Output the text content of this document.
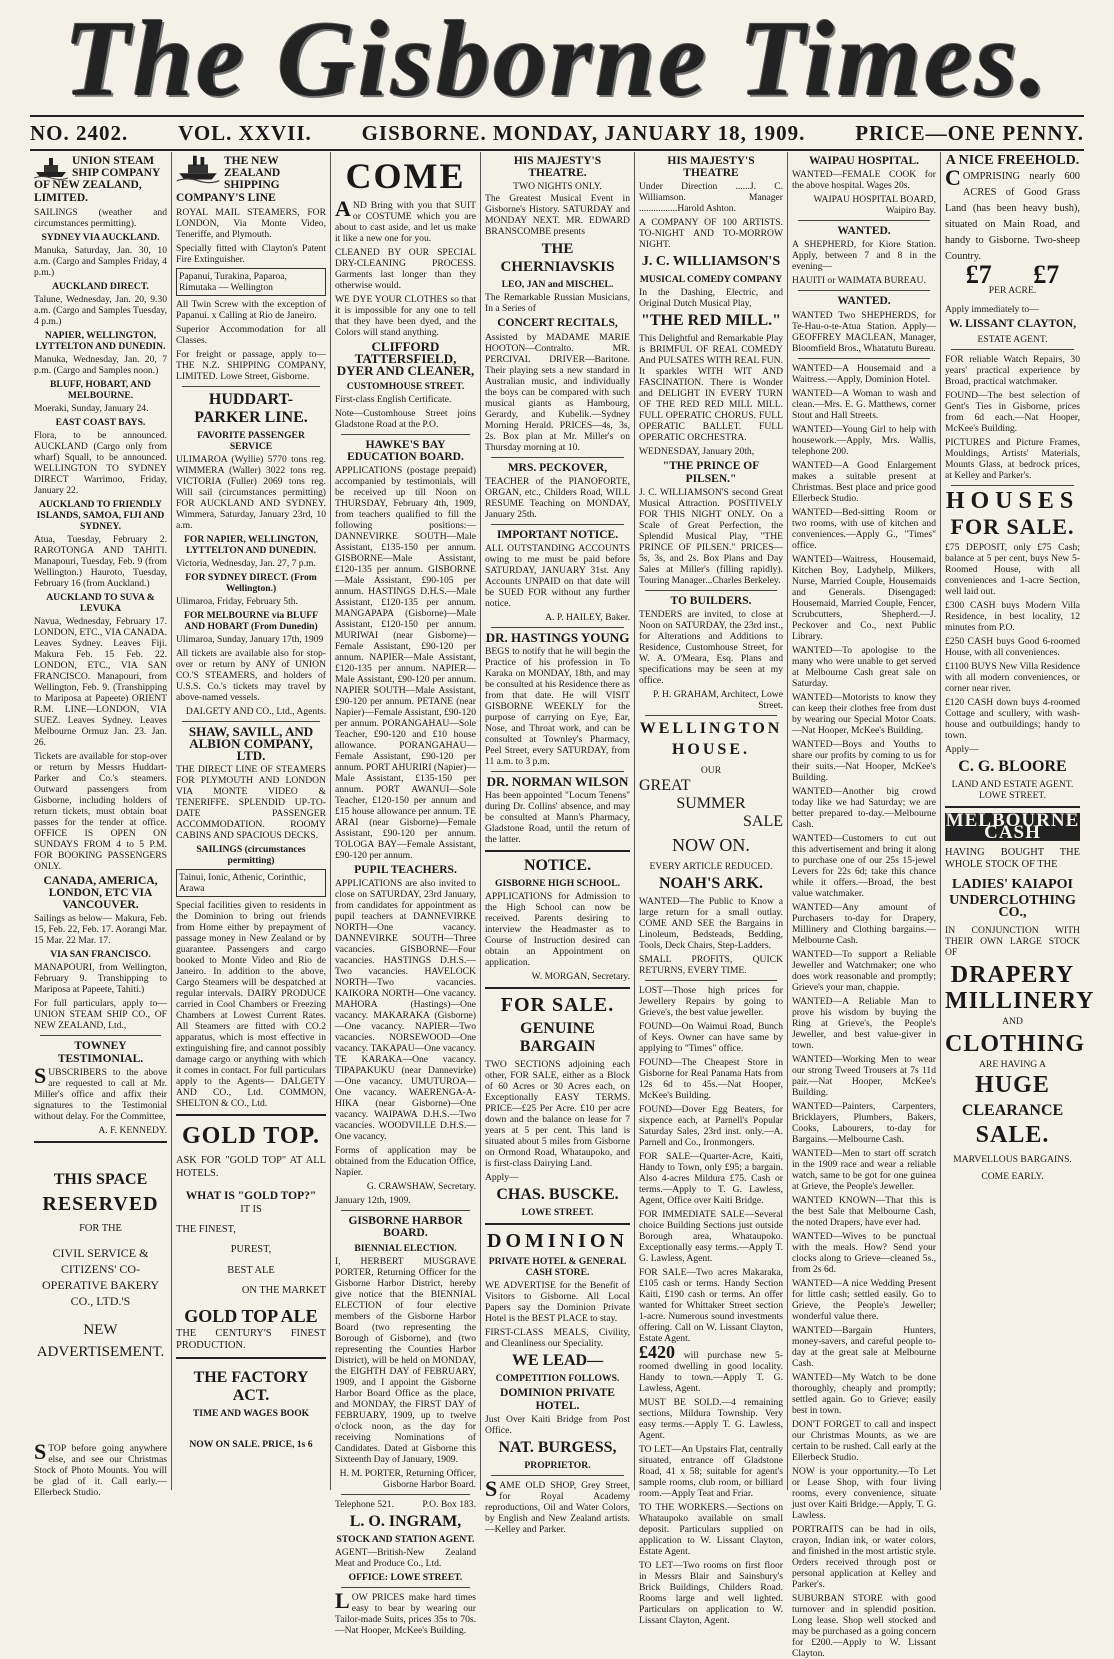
The Gisborne Times.
NO. 2402. VOL. XXVII. GISBORNE. MONDAY, JANUARY 18, 1909. PRICE—ONE PENNY.
UNION STEAM SHIP COMPANY OF NEW ZEALAND, LIMITED.
SAILINGS (weather and circumstances permitting).
SYDNEY VIA AUCKLAND.
Manuka, Saturday, Jan. 30, 10 a.m. (Cargo and Samples Friday, 4 p.m.)
AUCKLAND DIRECT.
Talune, Wednesday, Jan. 20, 9.30 a.m. (Cargo and Samples Tuesday, 4 p.m.)
NAPIER, WELLINGTON, LYTTELTON AND DUNEDIN.
Manuka, Wednesday, Jan. 20, 7 p.m. (Cargo and Samples noon.)
BLUFF, HOBART, AND MELBOURNE.
Moeraki, Sunday, January 24.
EAST COAST BAYS.
Flora, to be announced. AUCKLAND (Cargo only from wharf) Squall, to be announced. WELLINGTON TO SYDNEY DIRECT Warrimoo, Friday, January 22.
AUCKLAND TO FRIENDLY ISLANDS, SAMOA, FIJI AND SYDNEY.
Atua, Tuesday, February 2. RAROTONGA AND TAHITI. Manapouri, Tuesday, Feb. 9 (from Wellington.) Hauroto, Tuesday, February 16 (from Auckland.)
AUCKLAND TO SUVA & LEVUKA
Navua, Wednesday, February 17. LONDON, ETC., VIA CANADA. Leaves Sydney. Leaves Fiji. Makura Feb. 15 Feb. 22. LONDON, ETC., VIA SAN FRANCISCO. Manapouri, from Wellington, Feb. 9. (Transhipping to Mariposa at Papeete) ORIENT R.M. LINE—LONDON, VIA SUEZ. Leaves Sydney. Leaves Melbourne Ormuz Jan. 23. Jan. 26.
Tickets are available for stop-over or return by Messrs Huddart-Parker and Co.'s steamers. Outward passengers from Gisborne, including holders of return tickets, must obtain boat passes for the tender at office. OFFICE IS OPEN ON SUNDAYS FROM 4 to 5 P.M. FOR BOOKING PASSENGERS ONLY.
CANADA, AMERICA, LONDON, ETC VIA VANCOUVER.
Sailings as below— Makura, Feb. 15, Feb. 22, Feb. 17. Aorangi Mar. 15 Mar. 22 Mar. 17.
VIA SAN FRANCISCO.
MANAPOURI, from Wellington, February 9. Transhipping to Mariposa at Papeete, Tahiti.)
For full particulars, apply to— UNION STEAM SHIP CO., OF NEW ZEALAND, Ltd.,
TOWNEY TESTIMONIAL.
SUBSCRIBERS to the above are requested to call at Mr. Miller's office and affix their signatures to the Testimonial without delay. For the Committee,
A. F. KENNEDY.
THIS SPACE
RESERVED
FOR THE
CIVIL SERVICE & CITIZENS' CO-OPERATIVE BAKERY CO., LTD.'S
NEW ADVERTISEMENT.
STOP before going anywhere else, and see our Christmas Stock of Photo Mounts. You will be glad of it. Call early.—Ellerbeck Studio.
THE NEW ZEALAND SHIPPING COMPANY'S LINE
ROYAL MAIL STEAMERS, FOR LONDON, Via Monte Video, Teneriffe, and Plymouth.
Specially fitted with Clayton's Patent Fire Extinguisher.
Papanui, Turakina, Paparoa, Rimutaka — Wellington
All Twin Screw with the exception of Papanui. x Calling at Rio de Janeiro.
Superior Accommodation for all Classes.
For freight or passage, apply to— THE N.Z. SHIPPING COMPANY, LIMITED. Lowe Street, Gisborne.
HUDDART-PARKER LINE.
FAVORITE PASSENGER SERVICE
ULIMAROA (Wyllie) 5770 tons reg. WIMMERA (Waller) 3022 tons reg. VICTORIA (Fuller) 2069 tons reg. Will sail (circumstances permitting) FOR AUCKLAND AND SYDNEY. Wimmera, Saturday, January 23rd, 10 a.m.
FOR NAPIER, WELLINGTON, LYTTELTON AND DUNEDIN.
Victoria, Wednesday, Jan. 27, 7 p.m.
FOR SYDNEY DIRECT. (From Wellington.)
Ulimaroa, Friday, February 5th.
FOR MELBOURNE via BLUFF AND HOBART (From Dunedin)
Ulimaroa, Sunday, January 17th, 1909
All tickets are available also for stop-over or return by ANY of UNION CO.'S STEAMERS, and holders of U.S.S. Co.'s tickets may travel by above-named vessels.
DALGETY AND CO., Ltd., Agents.
SHAW, SAVILL, AND ALBION COMPANY, LTD.
THE DIRECT LINE OF STEAMERS FOR PLYMOUTH AND LONDON VIA MONTE VIDEO & TENERIFFE. SPLENDID UP-TO-DATE PASSENGER ACCOMMODATION. ROOMY CABINS AND SPACIOUS DECKS.
SAILINGS (circumstances permitting)
Tainui, Ionic, Athenic, Corinthic, Arawa
Special facilities given to residents in the Dominion to bring out friends from Home either by prepayment of passage money in New Zealand or by guarantee. Passengers and cargo booked to Monte Video and Rio de Janeiro. In addition to the above, Cargo Steamers will be despatched at regular intervals. DAIRY PRODUCE carried in Cool Chambers or Freezing Chambers at Lowest Current Rates. All Steamers are fitted with CO.2 apparatus, which is most effective in extinguishing fire, and cannot possibly damage cargo or anything with which it comes in contact. For full particulars apply to the Agents— DALGETY AND CO., Ltd. COMMON, SHELTON & CO., Ltd.
GOLD TOP.
ASK FOR "GOLD TOP" AT ALL HOTELS.
WHAT IS "GOLD TOP?"
IT IS
THE FINEST,
PUREST,
BEST ALE
ON THE MARKET
GOLD TOP ALE
THE CENTURY'S FINEST PRODUCTION.
THE FACTORY ACT.
TIME AND WAGES BOOK
NOW ON SALE. PRICE, 1s 6
COME
AND Bring with you that SUIT or COSTUME which you are about to cast aside, and let us make it like a new one for you.
CLEANED BY OUR SPECIAL DRY-CLEANING PROCESS. Garments last longer than they otherwise would.
WE DYE YOUR CLOTHES so that it is impossible for any one to tell that they have been dyed, and the Colors will stand anything.
CLIFFORD TATTERSFIELD, DYER AND CLEANER,
CUSTOMHOUSE STREET.
First-class English Certificate.
Note—Customhouse Street joins Gladstone Road at the P.O.
HAWKE'S BAY EDUCATION BOARD.
APPLICATIONS (postage prepaid) accompanied by testimonials, will be received up till Noon on THURSDAY, February 4th, 1909, from teachers qualified to fill the following positions:— DANNEVIRKE SOUTH—Male Assistant, £135-150 per annum. GISBORNE—Male Assistant, £120-135 per annum. GISBORNE—Male Assistant, £90-105 per annum. HASTINGS D.H.S.—Male Assistant, £120-135 per annum. MANGAPAPA (Gisborne)—Male Assistant, £120-150 per annum. MURIWAI (near Gisborne)—Female Assistant, £90-120 per annum. NAPIER—Male Assistant, £120-135 per annum. NAPIER—Male Assistant, £90-120 per annum. NAPIER SOUTH—Male Assistant, £90-120 per annum. PETANE (near Napier)—Female Assistant, £90-120 per annum. PORANGAHAU—Sole Teacher, £90-120 and £10 house allowance. PORANGAHAU—Female Assistant, £90-120 per annum. PORT AHURIRI (Napier)—Male Assistant, £135-150 per annum. PORT AWANUI—Sole Teacher, £120-150 per annum and £15 house allowance per annum. TE ARAI (near Gisborne)—Female Assistant, £90-120 per annum. TOLOGA BAY—Female Assistant, £90-120 per annum.
PUPIL TEACHERS.
APPLICATIONS are also invited to close on SATURDAY, 23rd January, from candidates for appointment as pupil teachers at DANNEVIRKE NORTH—One vacancy. DANNEVIRKE SOUTH—Three vacancies. GISBORNE—Four vacancies. HASTINGS D.H.S.—Two vacancies. HAVELOCK NORTH—Two vacancies. KAIKORA NORTH—One vacancy. MAHORA (Hastings)—One vacancy. MAKARAKA (Gisborne)—One vacancy. NAPIER—Two vacancies. NORSEWOOD—One vacancy. TAKAPAU—One vacancy. TE KARAKA—One vacancy. TIPAPAKUKU (near Dannevirke)—One vacancy. UMUTUROA—One vacancy. WAERENGA-A-HIKA (near Gisborne)—One vacancy. WAIPAWA D.H.S.—Two vacancies. WOODVILLE D.H.S.—One vacancy.
Forms of application may be obtained from the Education Office, Napier.
G. CRAWSHAW, Secretary.
January 12th, 1909.
GISBORNE HARBOR BOARD.
BIENNIAL ELECTION.
I, HERBERT MUSGRAVE PORTER, Returning Officer for the Gisborne Harbor District, hereby give notice that the BIENNIAL ELECTION of four elective members of the Gisborne Harbor Board (two representing the Borough of Gisborne), and (two representing the Counties Harbor District), will be held on MONDAY, the EIGHTH DAY of FEBRUARY, 1909, and I appoint the Gisborne Harbor Board Office as the place, and MONDAY, the FIRST DAY of FEBRUARY, 1909, up to twelve o'clock noon, as the day for receiving Nominations of Candidates. Dated at Gisborne this Sixteenth Day of January, 1909.
H. M. PORTER, Returning Officer, Gisborne Harbor Board.
Telephone 521.	P.O. Box 183.
L. O. INGRAM,
STOCK AND STATION AGENT.
AGENT—British-New Zealand Meat and Produce Co., Ltd.
OFFICE: LOWE STREET.
LOW PRICES make hard times easy to bear by wearing our Tailor-made Suits, prices 35s to 70s.—Nat Hooper, McKee's Building.
HIS MAJESTY'S THEATRE.
TWO NIGHTS ONLY.
The Greatest Musical Event in Gisborne's History. SATURDAY and MONDAY NEXT. MR. EDWARD BRANSCOMBE presents
THE CHERNIAVSKIS
LEO, JAN and MISCHEL.
The Remarkable Russian Musicians, In a Series of
CONCERT RECITALS,
Assisted by MADAME MARIE HOOTON—Contralto. MR. PERCIVAL DRIVER—Baritone. Their playing sets a new standard in Australian music, and individually the boys can be compared with such musical giants as Hambourg, Gerardy, and Kubelik.—Sydney Morning Herald. PRICES—4s, 3s, 2s. Box plan at Mr. Miller's on Thursday morning at 10.
MRS. PECKOVER,
TEACHER of the PIANOFORTE, ORGAN, etc., Childers Road, WILL RESUME Teaching on MONDAY, January 25th.
IMPORTANT NOTICE.
ALL OUTSTANDING ACCOUNTS owing to me must be paid before SATURDAY, JANUARY 31st. Any Accounts UNPAID on that date will be SUED FOR without any further notice.
A. P. HAILEY, Baker.
DR. HASTINGS YOUNG
BEGS to notify that he will begin the Practice of his profession in To Karaka on MONDAY, 18th, and may be consulted at his Residence there as from that date. He will VISIT GISBORNE WEEKLY for the purpose of carrying on Eye, Ear, Nose, and Throat work, and can be consulted at Townley's Pharmacy, Peel Street, every SATURDAY, from 11 a.m. to 3 p.m.
DR. NORMAN WILSON
Has been appointed "Locum Tenens" during Dr. Collins' absence, and may be consulted at Mann's Pharmacy, Gladstone Road, until the return of the latter.
NOTICE.
GISBORNE HIGH SCHOOL.
APPLICATIONS for Admission to the High School can now be received. Parents desiring to interview the Headmaster as to Course of Instruction desired can obtain an Appointment on application.
W. MORGAN, Secretary.
FOR SALE.
GENUINE BARGAIN
TWO SECTIONS adjoining each other, FOR SALE, either as a Block of 60 Acres or 30 Acres each, on Exceptionally EASY TERMS. PRICE—£25 Per Acre. £10 per acre down and the balance on lease for 7 years at 5 per cent. This land is situated about 5 miles from Gisborne on Ormond Road, Whataupoko, and is first-class Dairying Land.
Apply—
CHAS. BUSCKE.
LOWE STREET.
DOMINION
PRIVATE HOTEL & GENERAL CASH STORE.
WE ADVERTISE for the Benefit of Visitors to Gisborne. All Local Papers say the Dominion Private Hotel is the BEST PLACE to stay.
FIRST-CLASS MEALS, Civility, and Cleanliness our Speciality.
WE LEAD—
COMPETITION FOLLOWS.
DOMINION PRIVATE HOTEL.
Just Over Kaiti Bridge from Post Office.
NAT. BURGESS,
PROPRIETOR.
SAME OLD SHOP, Grey Street, for Royal Academy reproductions, Oil and Water Colors, by English and New Zealand artists.—Kelley and Parker.
HIS MAJESTY'S THEATRE
Under Direction ......J. C. Williamson. Manager ................Harold Ashton.
A COMPANY OF 100 ARTISTS. TO-NIGHT AND TO-MORROW NIGHT.
J. C. WILLIAMSON'S
MUSICAL COMEDY COMPANY
In the Dashing, Electric, and Original Dutch Musical Play,
"THE RED MILL."
This Delightful and Remarkable Play is BRIMFUL OF REAL COMEDY And PULSATES WITH REAL FUN. It sparkles WITH WIT AND FASCINATION. There is Wonder and DELIGHT IN EVERY TURN OF THE RED RED MILL MILL. FULL OPERATIC CHORUS. FULL OPERATIC BALLET. FULL OPERATIC ORCHESTRA.
WEDNESDAY, January 20th,
"THE PRINCE OF PILSEN."
J. C. WILLIAMSON'S second Great Musical Attraction. POSITIVELY FOR THIS NIGHT ONLY. On a Scale of Great Perfection, the Splendid Musical Play, "THE PRINCE OF PILSEN." PRICES—5s, 3s, and 2s. Box Plans and Day Sales at Miller's (filling rapidly). Touring Manager...Charles Berkeley.
TO BUILDERS.
TENDERS are invited, to close at Noon on SATURDAY, the 23rd inst., for Alterations and Additions to Residence, Customhouse Street, for W. A. O'Meara, Esq. Plans and specifications may be seen at my office.
P. H. GRAHAM, Architect, Lowe Street.
WELLINGTON
HOUSE.
OUR
GREAT
SUMMER
SALE
NOW ON.
EVERY ARTICLE REDUCED.
NOAH'S ARK.
WANTED—The Public to Know a large return for a small outlay. COME AND SEE the Bargains in Linoleum, Bedsteads, Bedding, Tools, Deck Chairs, Step-Ladders.
SMALL PROFITS, QUICK RETURNS, EVERY TIME.
LOST—Those high prices for Jewellery Repairs by going to Grieve's, the best value jeweller.
FOUND—On Waimui Road, Bunch of Keys. Owner can have same by applying to "Times" office.
FOUND—The Cheapest Store in Gisborne for Real Panama Hats from 12s 6d to 45s.—Nat Hooper, McKee's Building.
FOUND—Dover Egg Beaters, for sixpence each, at Parnell's Popular Saturday Sales, 23rd inst. only.—A. Parnell and Co., Ironmongers.
FOR SALE—Quarter-Acre, Kaiti, Handy to Town, only £95; a bargain. Also 4-acres Mildura £75. Cash or terms.—Apply to T. G. Lawless, Agent, Office over Kaiti Bridge.
FOR IMMEDIATE SALE—Several choice Building Sections just outside Borough area, Whataupoko. Exceptionally easy terms.—Apply T. G. Lawless, Agent.
FOR SALE—Two acres Makaraka, £105 cash or terms. Handy Section Kaiti, £190 cash or terms. An offer wanted for Whittaker Street section 1-acre. Numerous sound investments offering. Call on W. Lissant Clayton, Estate Agent.
£420 will purchase new 5-roomed dwelling in good locality. Handy to town.—Apply T. G. Lawless, Agent.
MUST BE SOLD.—4 remaining sections, Mildura Township. Very easy terms.—Apply T. G. Lawless, Agent.
TO LET—An Upstairs Flat, centrally situated, entrance off Gladstone Road, 41 x 58; suitable for agent's sample rooms, club room, or billiard room.—Apply Teat and Friar.
TO THE WORKERS.—Sections on Whataupoko available on small deposit. Particulars supplied on application to W. Lissant Clayton, Estate Agent.
TO LET—Two rooms on first floor in Messrs Blair and Sainsbury's Brick Buildings, Childers Road. Rooms large and well lighted. Particulars on application to W. Lissant Clayton, Agent.
WAIPAU HOSPITAL.
WANTED—FEMALE COOK for the above hospital. Wages 20s.
WAIPAU HOSPITAL BOARD, Waipiro Bay.
WANTED.
A SHEPHERD, for Kiore Station. Apply, between 7 and 8 in the evening—
HAUITI or WAIMATA BUREAU.
WANTED.
WANTED Two SHEPHERDS, for Te-Hau-o-te-Atua Station. Apply— GEOFFREY MACLEAN, Manager, Bloomfield Bros., Whatatutu Bureau.
WANTED—A Housemaid and a Waitress.—Apply, Dominion Hotel.
WANTED—A Woman to wash and clean.—Mrs. E. G. Matthews, corner Stout and Hall Streets.
WANTED—Young Girl to help with housework.—Apply, Mrs. Wallis, telephone 200.
WANTED—A Good Enlargement makes a suitable present at Christmas. Best place and price good Ellerbeck Studio.
WANTED—Bed-sitting Room or two rooms, with use of kitchen and conveniences.—Apply G., "Times" office.
WANTED—Waitress, Housemaid, Kitchen Boy, Ladyhelp, Milkers, Nurse, Married Couple, Housemaids and Generals. Disengaged: Housemaid, Married Couple, Fencer, Scrubcutters, Shepherd.—J. Peckover and Co., next Public Library.
WANTED—To apologise to the many who were unable to get served at Melbourne Cash great sale on Saturday.
WANTED—Motorists to know they can keep their clothes free from dust by wearing our Special Motor Coats.—Nat Hooper, McKee's Building.
WANTED—Boys and Youths to share our profits by coming to us for their suits.—Nat Hooper, McKee's Building.
WANTED—Another big crowd today like we had Saturday; we are better prepared to-day.—Melbourne Cash.
WANTED—Customers to cut out this advertisement and bring it along to purchase one of our 25s 15-jewel Levers for 22s 6d; take this chance while it offers.—Broad, the best value watchmaker.
WANTED—Any amount of Purchasers to-day for Drapery, Millinery and Clothing bargains.—Melbourne Cash.
WANTED—To support a Reliable Jeweller and Watchmaker; one who does work reasonable and promptly; Grieve's your man, chappie.
WANTED—A Reliable Man to prove his wisdom by buying the Ring at Grieve's, the People's Jeweller, and best value-giver in town.
WANTED—Working Men to wear our strong Tweed Trousers at 7s 11d pair.—Nat Hooper, McKee's Building.
WANTED—Painters, Carpenters, Bricklayers, Plumbers, Bakers, Cooks, Labourers, to-day for Bargains.—Melbourne Cash.
WANTED—Men to start off scratch in the 1909 race and wear a reliable watch, same to be got for one guinea at Grieve, the People's Jeweller.
WANTED KNOWN—That this is the best Sale that Melbourne Cash, the noted Drapers, have ever had.
WANTED—Wives to be punctual with the meals. How? Send your clocks along to Grieve—cleaned 5s., from 2s 6d.
WANTED—A nice Wedding Present for little cash; settled easily. Go to Grieve, the People's Jeweller; wonderful value there.
WANTED—Bargain Hunters, money-savers, and careful people to-day at the great sale at Melbourne Cash.
WANTED—My Watch to be done thoroughly, cheaply and promptly; settled again. Go to Grieve; easily best in town.
DON'T FORGET to call and inspect our Christmas Mounts, as we are certain to be rushed. Call early at the Ellerbeck Studio.
NOW is your opportunity.—To Let or Lease Shop, with four living rooms, every convenience, situate just over Kaiti Bridge.—Apply, T. G. Lawless.
PORTRAITS can be had in oils, crayon, Indian ink, or water colors, and finished in the most artistic style. Orders received through post or personal application at Kelley and Parker's.
SUBURBAN STORE with good turnover and in splendid position. Long lease. Shop well stocked and may be purchased as a going concern for £200.—Apply to W. Lissant Clayton.
A NICE FREEHOLD.
COMPRISING nearly 600 ACRES of Good Grass Land (has been heavy bush), situated on Main Road, and handy to Gisborne. Two-sheep Country.
£7 £7
PER ACRE.
Apply immediately to—
W. LISSANT CLAYTON,
ESTATE AGENT.
FOR reliable Watch Repairs, 30 years' practical experience by Broad, practical watchmaker.
FOUND—The best selection of Gent's Ties in Gisborne, prices from 6d each.—Nat Hooper, McKee's Building.
PICTURES and Picture Frames, Mouldings, Artists' Materials, Mounts Glass, at bedrock prices, at Kelley and Parker's.
HOUSES
FOR SALE.
£75 DEPOSIT, only £75 Cash; balance at 5 per cent, buys New 5-Roomed House, with all conveniences and 1-acre Section, well laid out.
£300 CASH buys Modern Villa Residence, in best locality, 12 minutes from P.O.
£250 CASH buys Good 6-roomed House, with all conveniences.
£1100 BUYS New Villa Residence with all modern conveniences, or corner near river.
£120 CASH down buys 4-roomed Cottage and scullery, with wash-house and outbuildings; handy to town.
Apply—
C. G. BLOORE
LAND AND ESTATE AGENT. LOWE STREET.
MELBOURNE CASH
HAVING BOUGHT THE WHOLE STOCK OF THE
LADIES' KAIAPOI
UNDERCLOTHING CO.,
IN CONJUNCTION WITH THEIR OWN LARGE STOCK OF
DRAPERY
MILLINERY
AND
CLOTHING
ARE HAVING A
HUGE
CLEARANCE
SALE.
MARVELLOUS BARGAINS.
COME EARLY.
